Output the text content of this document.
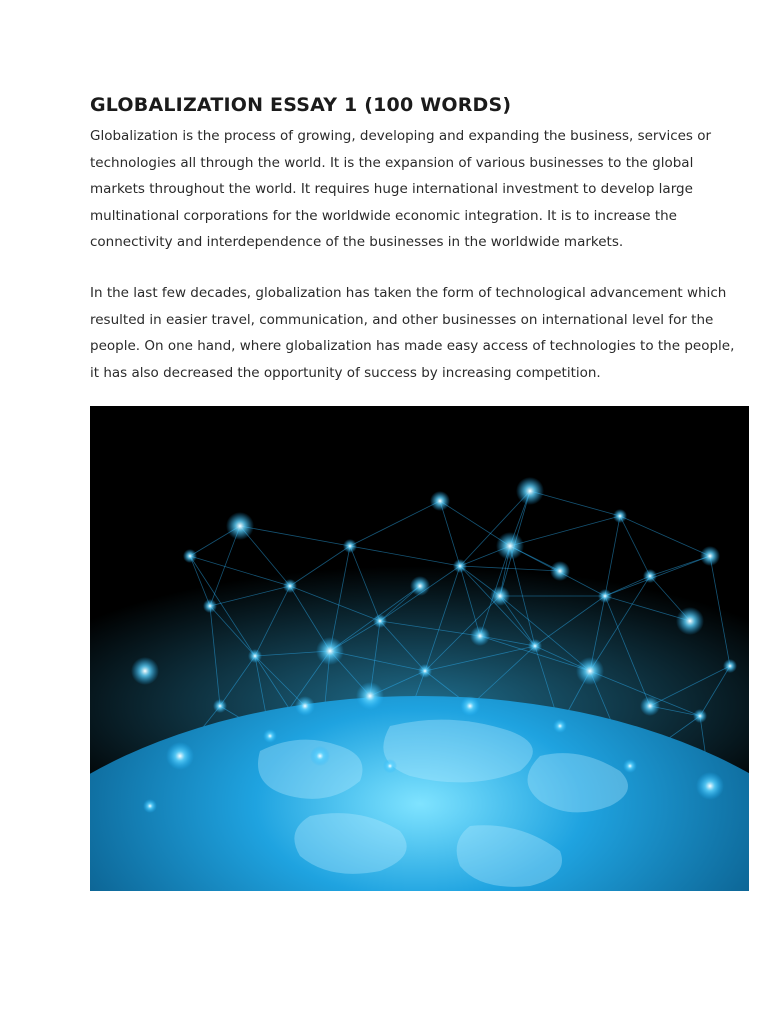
GLOBALIZATION ESSAY 1 (100 WORDS)

Globalization is the process of growing, developing and expanding the business, services or
technologies all through the world. It is the expansion of various businesses to the global
markets throughout the world. It requires huge international investment to develop large
multinational corporations for the worldwide economic integration. It is to increase the
connectivity and interdependence of the businesses in the worldwide markets.

In the last few decades, globalization has taken the form of technological advancement which
resulted in easier travel, communication, and other businesses on international level for the
people. On one hand, where globalization has made easy access of technologies to the people,
it has also decreased the opportunity of success by increasing competition.
